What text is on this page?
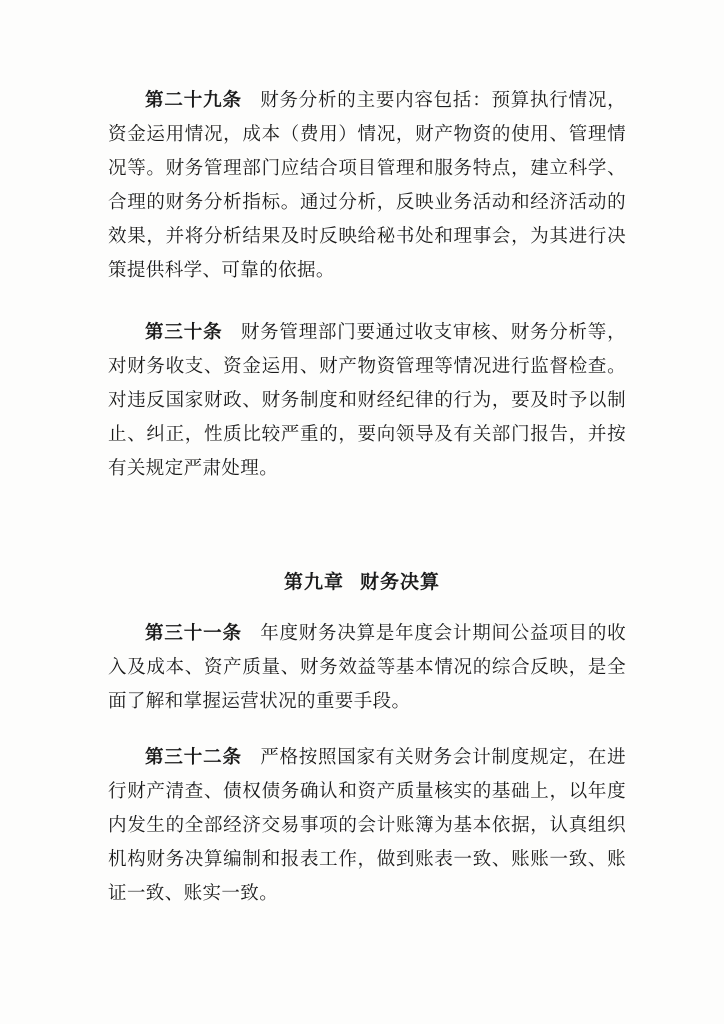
第二十九条 财务分析的主要内容包括：预算执行情况，资金运用情况，成本（费用）情况，财产物资的使用、管理情况等。财务管理部门应结合项目管理和服务特点，建立科学、合理的财务分析指标。通过分析，反映业务活动和经济活动的效果，并将分析结果及时反映给秘书处和理事会，为其进行决策提供科学、可靠的依据。

第三十条 财务管理部门要通过收支审核、财务分析等，对财务收支、资金运用、财产物资管理等情况进行监督检查。对违反国家财政、财务制度和财经纪律的行为，要及时予以制止、纠正，性质比较严重的，要向领导及有关部门报告，并按有关规定严肃处理。

第九章 财务决算

第三十一条 年度财务决算是年度会计期间公益项目的收入及成本、资产质量、财务效益等基本情况的综合反映，是全面了解和掌握运营状况的重要手段。

第三十二条 严格按照国家有关财务会计制度规定，在进行财产清查、债权债务确认和资产质量核实的基础上，以年度内发生的全部经济交易事项的会计账簿为基本依据，认真组织机构财务决算编制和报表工作，做到账表一致、账账一致、账证一致、账实一致。
